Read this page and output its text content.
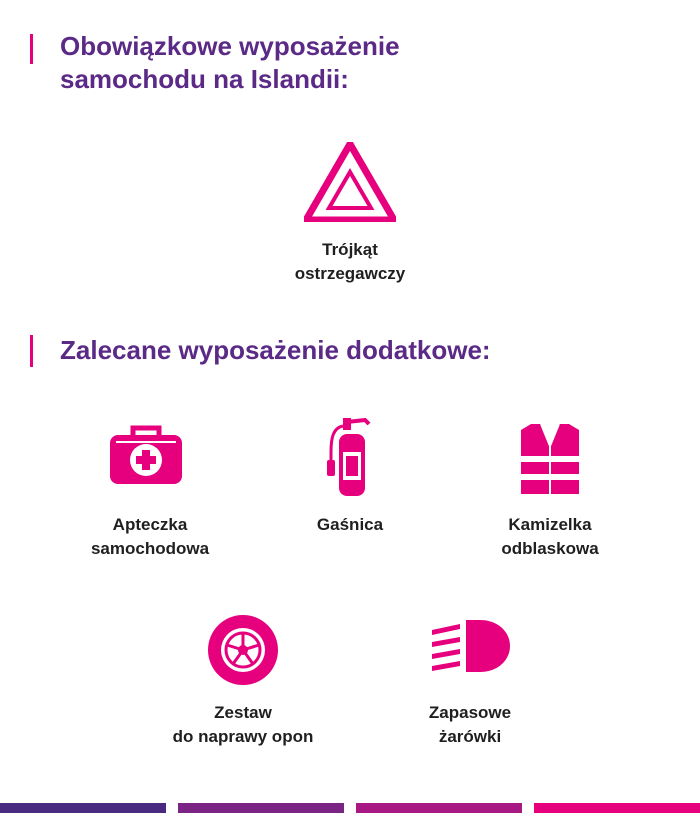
Obowiązkowe wyposażenie
samochodu na Islandii:
Trójkąt
ostrzegawczy
Zalecane wyposażenie dodatkowe:
Apteczka
samochodowa
Gaśnica	Kamizelka
odblaskowa
Zestaw
do naprawy opon
Zapasowe
żarówki
